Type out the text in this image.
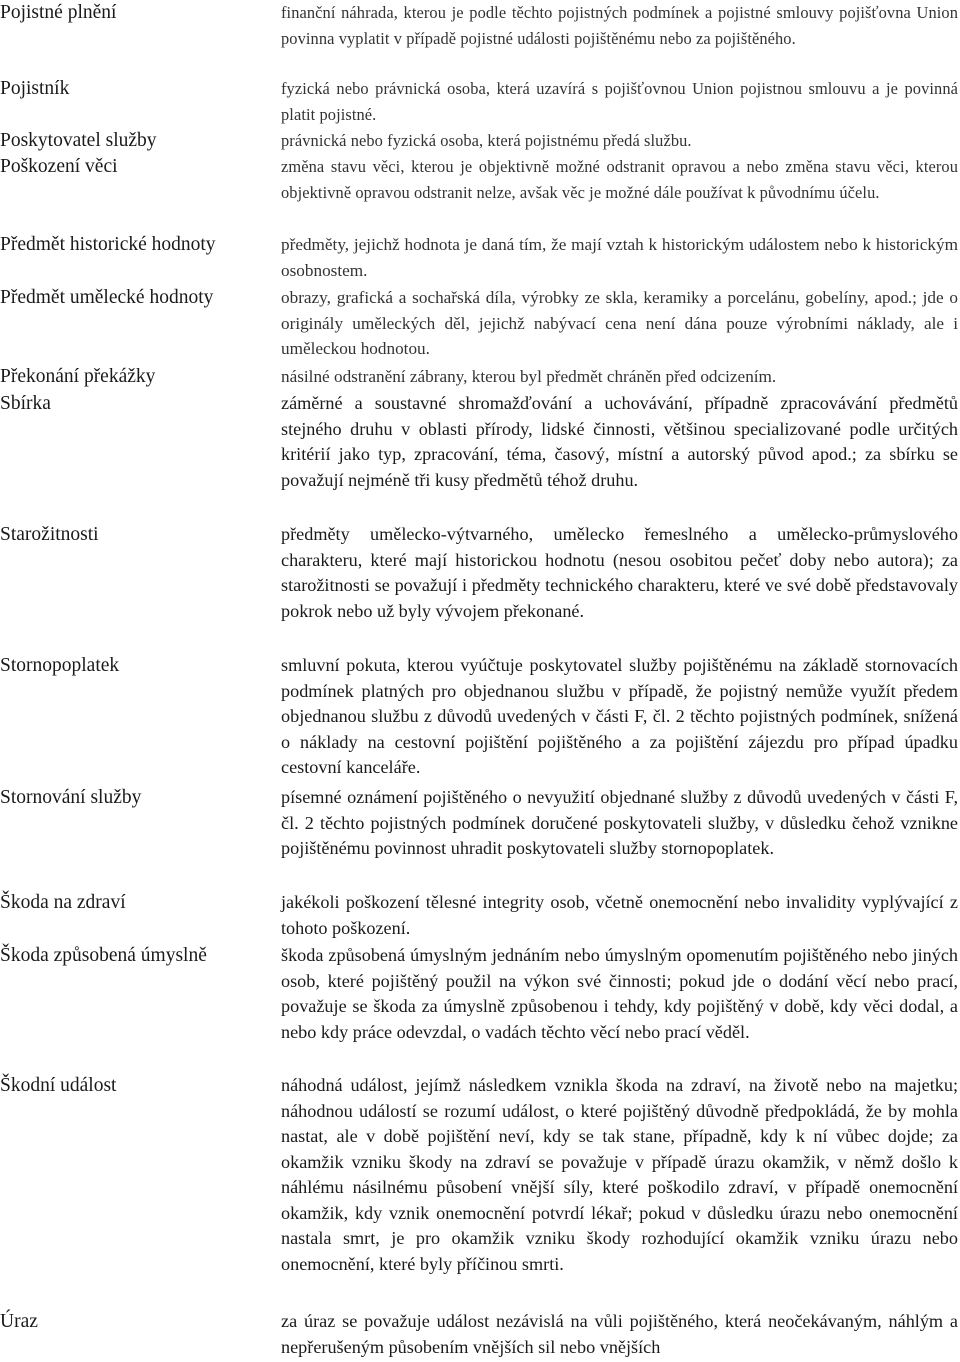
Pojistné plnění	finanční náhrada, kterou je podle těchto pojistných podmínek a pojistné smlouvy pojišťovna Union povinna vyplatit v případě pojistné události pojištěnému nebo za pojištěného.
Pojistník	fyzická nebo právnická osoba, která uzavírá s pojišťovnou Union pojistnou smlouvu a je povinná platit pojistné.
Poskytovatel služby	právnická nebo fyzická osoba, která pojistnému předá službu.
Poškození věci	změna stavu věci, kterou je objektivně možné odstranit opravou a nebo změna stavu věci, kterou objektivně opravou odstranit nelze, avšak věc je možné dále používat k původnímu účelu.
Předmět historické hodnoty	předměty, jejichž hodnota je daná tím, že mají vztah k historickým událostem nebo k historickým osobnostem.
Předmět umělecké hodnoty	obrazy, grafická a sochařská díla, výrobky ze skla, keramiky a porcelánu, gobelíny, apod.; jde o originály uměleckých děl, jejichž nabývací cena není dána pouze výrobními náklady, ale i uměleckou hodnotou.
Překonání překážky	násilné odstranění zábrany, kterou byl předmět chráněn před odcizením.
Sbírka	záměrné a soustavné shromažďování a uchovávání, případně zpracovávání předmětů stejného druhu v oblasti přírody, lidské činnosti, většinou specializované podle určitých kritérií jako typ, zpracování, téma, časový, místní a autorský původ apod.; za sbírku se považují nejméně tři kusy předmětů téhož druhu.
Starožitnosti	předměty umělecko-výtvarného, umělecko řemeslného a umělecko-průmyslového charakteru, které mají historickou hodnotu (nesou osobitou pečeť doby nebo autora); za starožitnosti se považují i předměty technického charakteru, které ve své době představovaly pokrok nebo už byly vývojem překonané.
Stornopoplatek	smluvní pokuta, kterou vyúčtuje poskytovatel služby pojištěnému na základě stornovacích podmínek platných pro objednanou službu v případě, že pojistný nemůže využít předem objednanou službu z důvodů uvedených v části F, čl. 2 těchto pojistných podmínek, snížená o náklady na cestovní pojištění pojištěného a za pojištění zájezdu pro případ úpadku cestovní kanceláře.
Stornování služby	písemné oznámení pojištěného o nevyužití objednané služby z důvodů uvedených v části F, čl. 2 těchto pojistných podmínek doručené poskytovateli služby, v důsledku čehož vznikne pojištěnému povinnost uhradit poskytovateli služby stornopoplatek.
Škoda na zdraví	jakékoli poškození tělesné integrity osob, včetně onemocnění nebo invalidity vyplývající z tohoto poškození.
Škoda způsobená úmyslně	škoda způsobená úmyslným jednáním nebo úmyslným opomenutím pojištěného nebo jiných osob, které pojištěný použil na výkon své činnosti; pokud jde o dodání věcí nebo prací, považuje se škoda za úmyslně způsobenou i tehdy, kdy pojištěný v době, kdy věci dodal, a nebo kdy práce odevzdal, o vadách těchto věcí nebo prací věděl.
Škodní událost	náhodná událost, jejímž následkem vznikla škoda na zdraví, na životě nebo na majetku; náhodnou událostí se rozumí událost, o které pojištěný důvodně předpokládá, že by mohla nastat, ale v době pojištění neví, kdy se tak stane, případně, kdy k ní vůbec dojde; za okamžik vzniku škody na zdraví se považuje v případě úrazu okamžik, v němž došlo k náhlému násilnému působení vnější síly, které poškodilo zdraví, v případě onemocnění okamžik, kdy vznik onemocnění potvrdí lékař; pokud v důsledku úrazu nebo onemocnění nastala smrt, je pro okamžik vzniku škody rozhodující okamžik vzniku úrazu nebo onemocnění, které byly příčinou smrti.
Úraz	za úraz se považuje událost nezávislá na vůli pojištěného, která neočekávaným, náhlým a nepřerušeným působením vnějších sil nebo vnějších
